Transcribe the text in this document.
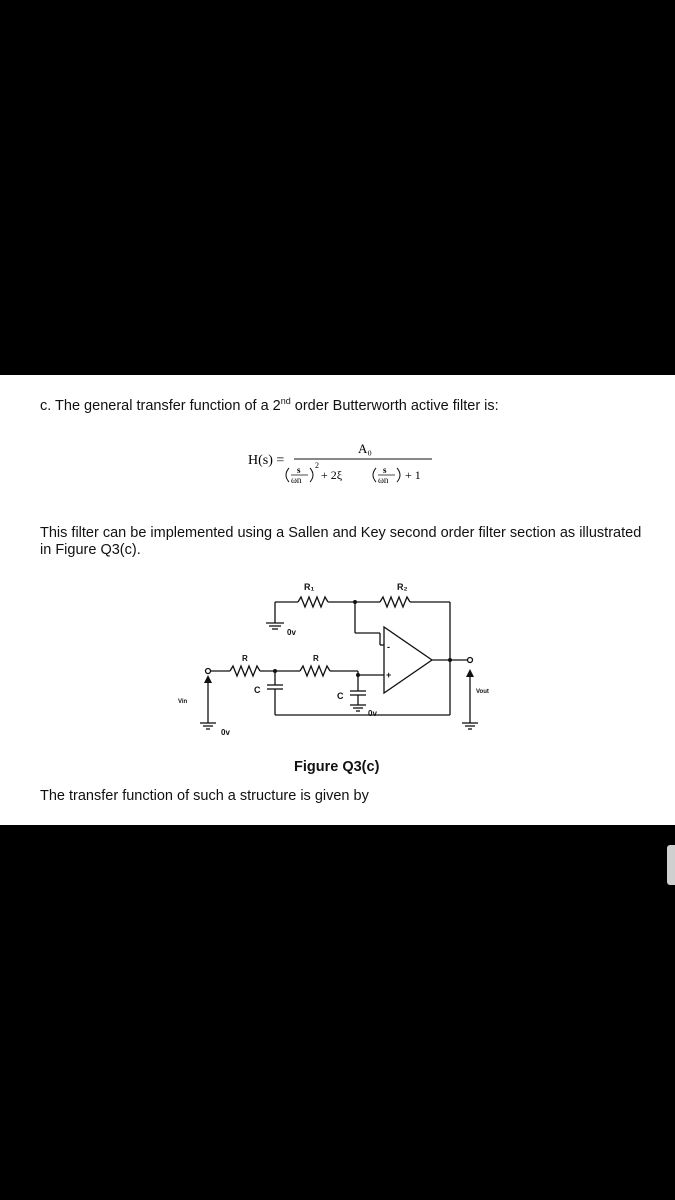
c. The general transfer function of a 2nd order Butterworth active filter is:
H(s) =
A₀
s
ωn
2
+ 2ξ	s
ωn + 1
This filter can be implemented using a Sallen and Key second order filter section as illustrated in Figure Q3(c).
R₁	R₂
0v
R	R
C
C
0v
0v
Vin
Vout
-
+
Figure Q3(c)
The transfer function of such a structure is given by
